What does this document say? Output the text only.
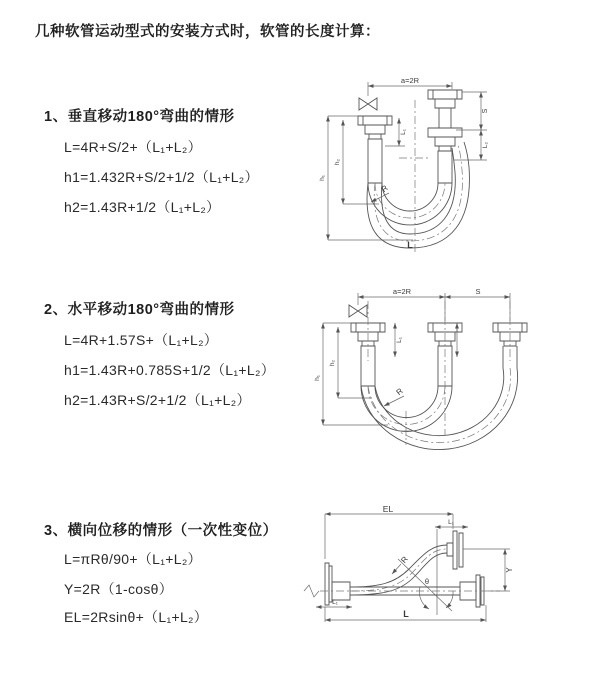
几种软管运动型式的安装方式时，软管的长度计算：
1、垂直移动180°弯曲的情形
L=4R+S/2+（L₁+L₂）
h1=1.432R+S/2+1/2（L₁+L₂）
h2=1.43R+1/2（L₁+L₂）
2、水平移动180°弯曲的情形
L=4R+1.57S+（L₁+L₂）
h1=1.43R+0.785S+1/2（L₁+L₂）
h2=1.43R+S/2+1/2（L₁+L₂）
3、横向位移的情形（一次性变位）
L=πRθ/90+（L₁+L₂）
Y=2R（1-cosθ）
EL=2Rsinθ+（L₁+L₂）
a=2R
L₁
S
L₂
h₁
h₂
R
L
a=2R	S
L₁
h₁
h₂
R
EL
L₁
θ
Y
R
L
L₁
